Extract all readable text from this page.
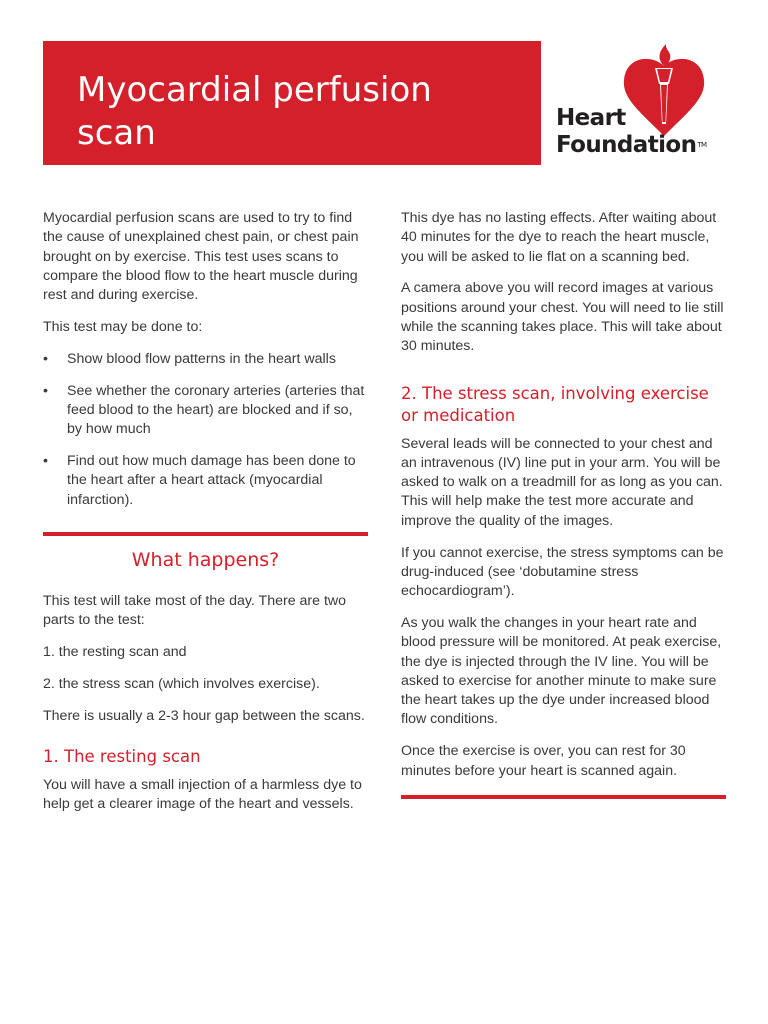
Myocardial perfusion
scan	Heart
Foundation™

Myocardial perfusion scans are used to try to find the cause of unexplained chest pain, or chest pain brought on by exercise. This test uses scans to compare the blood flow to the heart muscle during rest and during exercise.

This test may be done to:

• Show blood flow patterns in the heart walls
• See whether the coronary arteries (arteries that feed blood to the heart) are blocked and if so, by how much
• Find out how much damage has been done to the heart after a heart attack (myocardial infarction).
What happens?

This test will take most of the day. There are two parts to the test:

1. the resting scan and

2. the stress scan (which involves exercise).

There is usually a 2-3 hour gap between the scans.

1. The resting scan

You will have a small injection of a harmless dye to help get a clearer image of the heart and vessels.

This dye has no lasting effects. After waiting about 40 minutes for the dye to reach the heart muscle, you will be asked to lie flat on a scanning bed.

A camera above you will record images at various positions around your chest. You will need to lie still while the scanning takes place. This will take about 30 minutes.

2. The stress scan, involving exercise or medication

Several leads will be connected to your chest and an intravenous (IV) line put in your arm. You will be asked to walk on a treadmill for as long as you can. This will help make the test more accurate and improve the quality of the images.

If you cannot exercise, the stress symptoms can be drug-induced (see ‘dobutamine stress echocardiogram’).

As you walk the changes in your heart rate and blood pressure will be monitored. At peak exercise, the dye is injected through the IV line. You will be asked to exercise for another minute to make sure the heart takes up the dye under increased blood flow conditions.

Once the exercise is over, you can rest for 30 minutes before your heart is scanned again.
